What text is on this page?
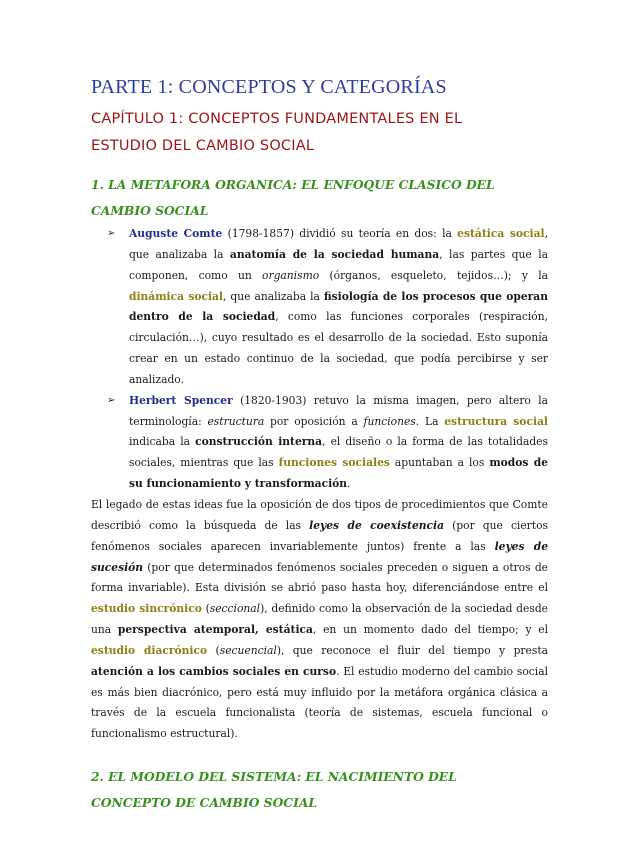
PARTE 1: CONCEPTOS Y CATEGORÍAS
CAPÍTULO 1: CONCEPTOS FUNDAMENTALES EN EL ESTUDIO DEL CAMBIO SOCIAL
1. LA METAFORA ORGANICA: EL ENFOQUE CLASICO DEL CAMBIO SOCIAL
➢ Auguste Comte (1798-1857) dividió su teoría en dos: la estática social, que analizaba la anatomía de la sociedad humana, las partes que la componen, como un organismo (órganos, esqueleto, tejidos…); y la dinámica social, que analizaba la fisiología de los procesos que operan dentro de la sociedad, como las funciones corporales (respiración, circulación…), cuyo resultado es el desarrollo de la sociedad. Esto suponía crear en un estado continuo de la sociedad, que podía percibirse y ser analizado.
➢ Herbert Spencer (1820-1903) retuvo la misma imagen, pero altero la terminología: estructura por oposición a funciones. La estructura social indicaba la construcción interna, el diseño o la forma de las totalidades sociales, mientras que las funciones sociales apuntaban a los modos de su funcionamiento y transformación.

El legado de estas ideas fue la oposición de dos tipos de procedimientos que Comte describió como la búsqueda de las leyes de coexistencia (por que ciertos fenómenos sociales aparecen invariablemente juntos) frente a las leyes de sucesión (por que determinados fenómenos sociales preceden o siguen a otros de forma invariable). Esta división se abrió paso hasta hoy, diferenciándose entre el estudio sincrónico (seccional), definido como la observación de la sociedad desde una perspectiva atemporal, estática, en un momento dado del tiempo; y el estudio diacrónico (secuencial), que reconoce el fluir del tiempo y presta atención a los cambios sociales en curso. El estudio moderno del cambio social es más bien diacrónico, pero está muy influido por la metáfora orgánica clásica a través de la escuela funcionalista (teoría de sistemas, escuela funcional o funcionalismo estructural).

2. EL MODELO DEL SISTEMA: EL NACIMIENTO DEL CONCEPTO DE CAMBIO SOCIAL
